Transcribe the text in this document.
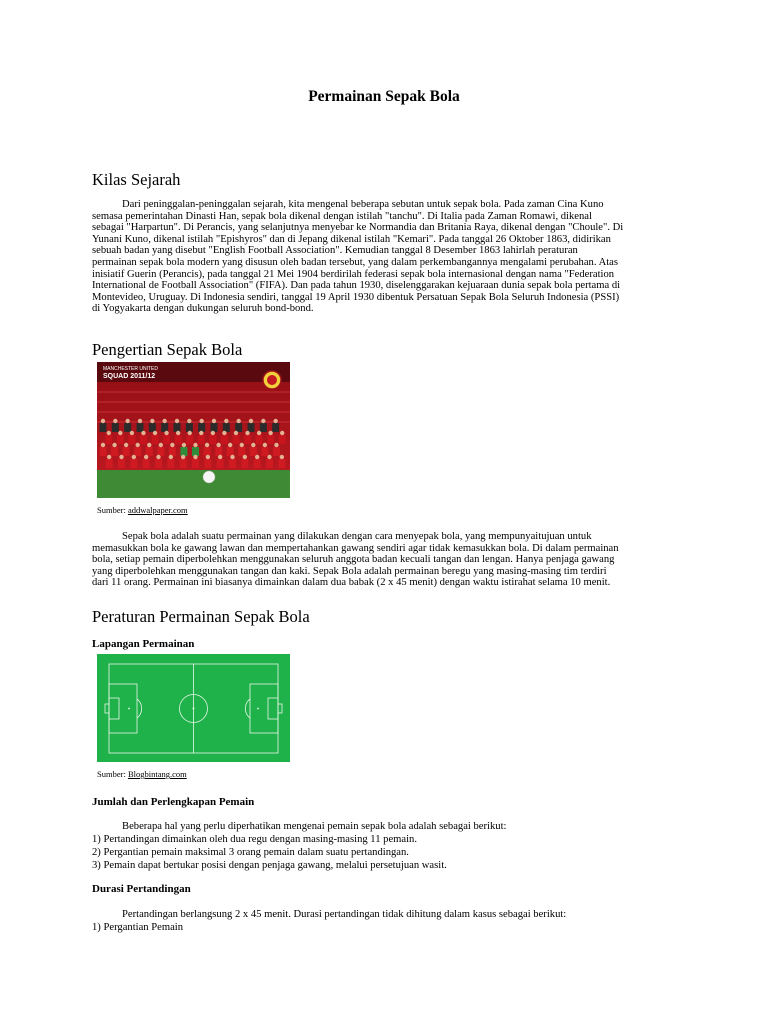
Permainan Sepak Bola
Kilas Sejarah
Dari peninggalan-peninggalan sejarah, kita mengenal beberapa sebutan untuk sepak bola. Pada zaman Cina Kuno
semasa pemerintahan Dinasti Han, sepak bola dikenal dengan istilah "tanchu". Di Italia pada Zaman Romawi, dikenal
sebagai "Harpartun". Di Perancis, yang selanjutnya menyebar ke Normandia dan Britania Raya, dikenal dengan "Choule". Di
Yunani Kuno, dikenal istilah "Epishyros" dan di Jepang dikenal istilah "Kemari". Pada tanggal 26 Oktober 1863, didirikan
sebuah badan yang disebut "English Football Association". Kemudian tanggal 8 Desember 1863 lahirlah peraturan
permainan sepak bola modern yang disusun oleh badan tersebut, yang dalam perkembangannya mengalami perubahan. Atas
inisiatif Guerin (Perancis), pada tanggal 21 Mei 1904 berdirilah federasi sepak bola internasional dengan nama "Federation
International de Football Association" (FIFA). Dan pada tahun 1930, diselenggarakan kejuaraan dunia sepak bola pertama di
Montevideo, Uruguay. Di Indonesia sendiri, tanggal 19 April 1930 dibentuk Persatuan Sepak Bola Seluruh Indonesia (PSSI)
di Yogyakarta dengan dukungan seluruh bond-bond.
Pengertian Sepak Bola
MANCHESTER UNITED
SQUAD 2011/12

Sumber: addwalpaper.com

Sepak bola adalah suatu permainan yang dilakukan dengan cara menyepak bola, yang mempunyaitujuan untuk
memasukkan bola ke gawang lawan dan mempertahankan gawang sendiri agar tidak kemasukkan bola. Di dalam permainan
bola, setiap pemain diperbolehkan menggunakan seluruh anggota badan kecuali tangan dan lengan. Hanya penjaga gawang
yang diperbolehkan menggunakan tangan dan kaki. Sepak Bola adalah permainan beregu yang masing-masing tim terdiri
dari 11 orang. Permainan ini biasanya dimainkan dalam dua babak (2 x 45 menit) dengan waktu istirahat selama 10 menit.
Peraturan Permainan Sepak Bola
Lapangan Permainan

Sumber: Blogbintang.com

Jumlah dan Perlengkapan Pemain

Beberapa hal yang perlu diperhatikan mengenai pemain sepak bola adalah sebagai berikut:

1) Pertandingan dimainkan oleh dua regu dengan masing-masing 11 pemain.

2) Pergantian pemain maksimal 3 orang pemain dalam suatu pertandingan.

3) Pemain dapat bertukar posisi dengan penjaga gawang, melalui persetujuan wasit.

Durasi Pertandingan

Pertandingan berlangsung 2 x 45 menit. Durasi pertandingan tidak dihitung dalam kasus sebagai berikut:

1) Pergantian Pemain
